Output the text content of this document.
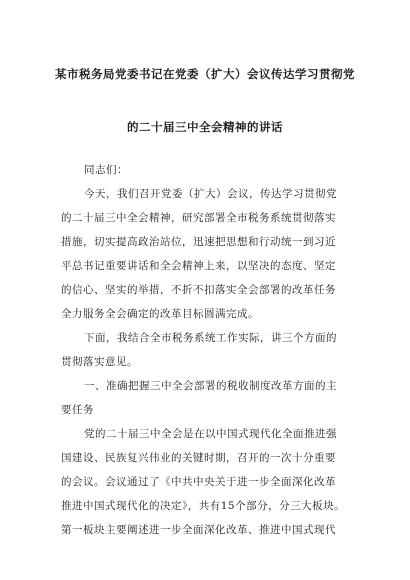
某市税务局党委书记在党委（扩大）会议传达学习贯彻党
的二十届三中全会精神的讲话
同志们：
今天，我们召开党委（扩大）会议，传达学习贯彻党
的二十届三中全会精神，研究部署全市税务系统贯彻落实
措施，切实提高政治站位，迅速把思想和行动统一到习近
平总书记重要讲话和全会精神上来，以坚决的态度、坚定
的信心、坚实的举措，不折不扣落实全会部署的改革任务
全力服务全会确定的改革目标圆满完成。
下面，我结合全市税务系统工作实际，讲三个方面的
贯彻落实意见。
一、准确把握三中全会部署的税收制度改革方面的主
要任务
党的二十届三中全会是在以中国式现代化全面推进强
国建设、民族复兴伟业的关键时期，召开的一次十分重要
的会议。会议通过了《中共中央关于进一步全面深化改革
推进中国式现代化的决定》，共有15个部分，分三大板块。
第一板块主要阐述进一步全面深化改革、推进中国式现代
